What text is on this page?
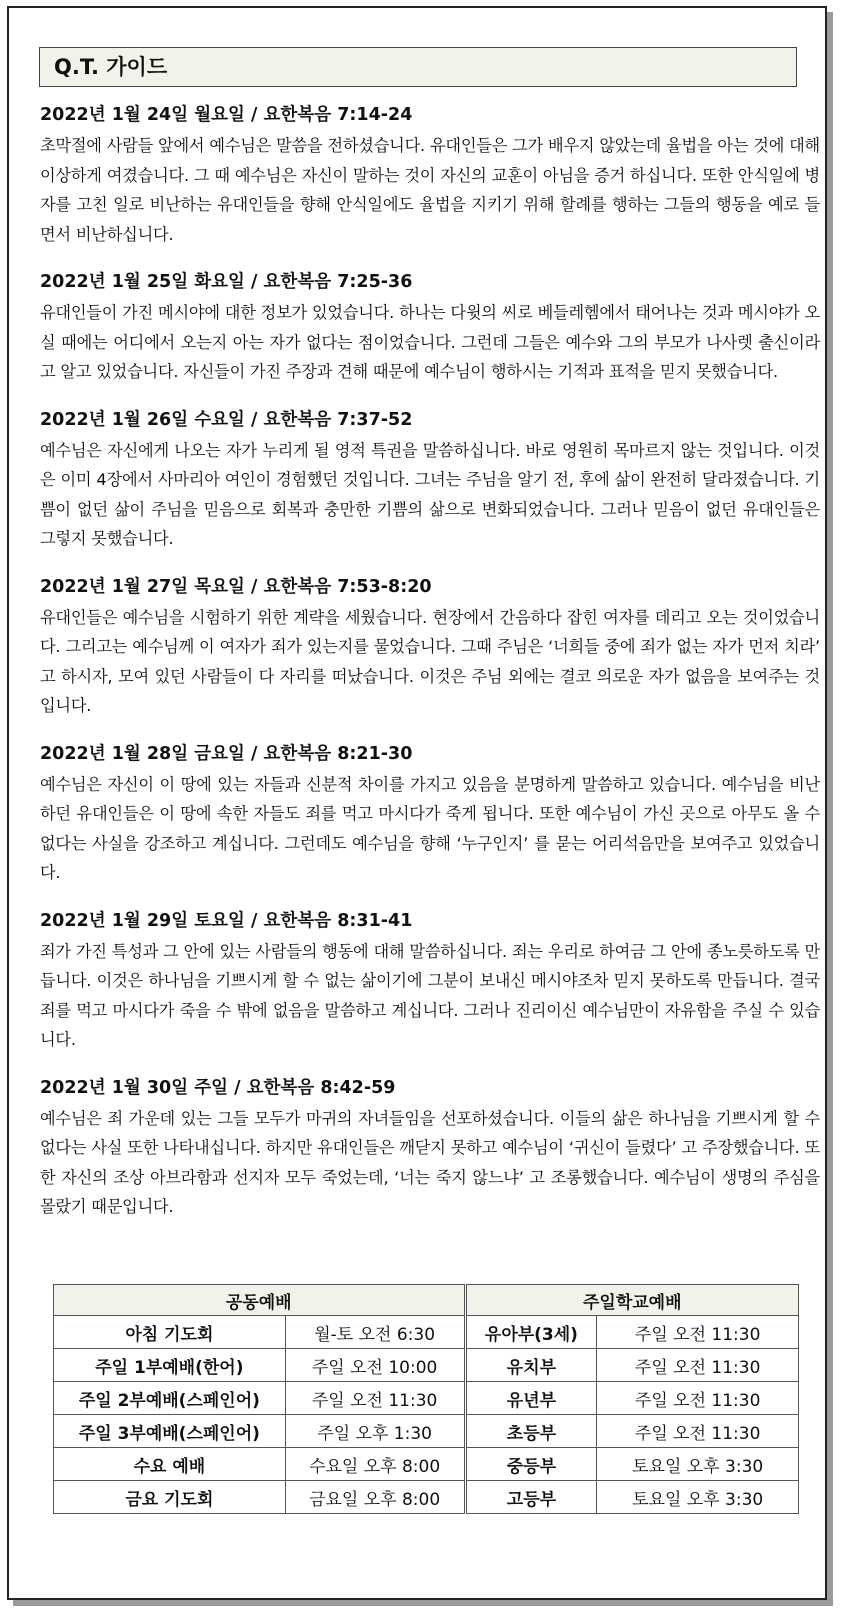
Q.T. 가이드
2022년 1월 24일 월요일 / 요한복음 7:14-24
초막절에 사람들 앞에서 예수님은 말씀을 전하셨습니다. 유대인들은 그가 배우지 않았는데 율법을 아는 것에 대해 이상하게 여겼습니다. 그 때 예수님은 자신이 말하는 것이 자신의 교훈이 아님을 증거 하십니다. 또한 안식일에 병자를 고친 일로 비난하는 유대인들을 향해 안식일에도 율법을 지키기 위해 할례를 행하는 그들의 행동을 예로 들면서 비난하십니다.
2022년 1월 25일 화요일 / 요한복음 7:25-36
유대인들이 가진 메시야에 대한 정보가 있었습니다. 하나는 다윗의 씨로 베들레헴에서 태어나는 것과 메시야가 오실 때에는 어디에서 오는지 아는 자가 없다는 점이었습니다. 그런데 그들은 예수와 그의 부모가 나사렛 출신이라고 알고 있었습니다. 자신들이 가진 주장과 견해 때문에 예수님이 행하시는 기적과 표적을 믿지 못했습니다.
2022년 1월 26일 수요일 / 요한복음 7:37-52
예수님은 자신에게 나오는 자가 누리게 될 영적 특권을 말씀하십니다. 바로 영원히 목마르지 않는 것입니다. 이것은 이미 4장에서 사마리아 여인이 경험했던 것입니다. 그녀는 주님을 알기 전, 후에 삶이 완전히 달라졌습니다. 기쁨이 없던 삶이 주님을 믿음으로 회복과 충만한 기쁨의 삶으로 변화되었습니다. 그러나 믿음이 없던 유대인들은 그렇지 못했습니다.
2022년 1월 27일 목요일 / 요한복음 7:53-8:20
유대인들은 예수님을 시험하기 위한 계략을 세웠습니다. 현장에서 간음하다 잡힌 여자를 데리고 오는 것이었습니다. 그리고는 예수님께 이 여자가 죄가 있는지를 물었습니다. 그때 주님은 ‘너희들 중에 죄가 없는 자가 먼저 치라’ 고 하시자, 모여 있던 사람들이 다 자리를 떠났습니다. 이것은 주님 외에는 결코 의로운 자가 없음을 보여주는 것입니다.
2022년 1월 28일 금요일 / 요한복음 8:21-30
예수님은 자신이 이 땅에 있는 자들과 신분적 차이를 가지고 있음을 분명하게 말씀하고 있습니다. 예수님을 비난하던 유대인들은 이 땅에 속한 자들도 죄를 먹고 마시다가 죽게 됩니다. 또한 예수님이 가신 곳으로 아무도 올 수 없다는 사실을 강조하고 계십니다. 그런데도 예수님을 향해 ‘누구인지’ 를 묻는 어리석음만을 보여주고 있었습니다.
2022년 1월 29일 토요일 / 요한복음 8:31-41
죄가 가진 특성과 그 안에 있는 사람들의 행동에 대해 말씀하십니다. 죄는 우리로 하여금 그 안에 종노릇하도록 만듭니다. 이것은 하나님을 기쁘시게 할 수 없는 삶이기에 그분이 보내신 메시야조차 믿지 못하도록 만듭니다. 결국 죄를 먹고 마시다가 죽을 수 밖에 없음을 말씀하고 계십니다. 그러나 진리이신 예수님만이 자유함을 주실 수 있습니다.
2022년 1월 30일 주일 / 요한복음 8:42-59
예수님은 죄 가운데 있는 그들 모두가 마귀의 자녀들임을 선포하셨습니다. 이들의 삶은 하나님을 기쁘시게 할 수 없다는 사실 또한 나타내십니다. 하지만 유대인들은 깨닫지 못하고 예수님이 ‘귀신이 들렸다’ 고 주장했습니다. 또한 자신의 조상 아브라함과 선지자 모두 죽었는데, ‘너는 죽지 않느냐’ 고 조롱했습니다. 예수님이 생명의 주심을 몰랐기 때문입니다.
공동예배		주일학교예배	
아침 기도회	월-토 오전 6:30	유아부(3세)	주일 오전 11:30
주일 1부예배(한어)	주일 오전 10:00	유치부	주일 오전 11:30
주일 2부예배(스페인어)	주일 오전 11:30	유년부	주일 오전 11:30
주일 3부예배(스페인어)	주일 오후 1:30	초등부	주일 오전 11:30
수요 예배	수요일 오후 8:00	중등부	토요일 오후 3:30
금요 기도회	금요일 오후 8:00	고등부	토요일 오후 3:30
